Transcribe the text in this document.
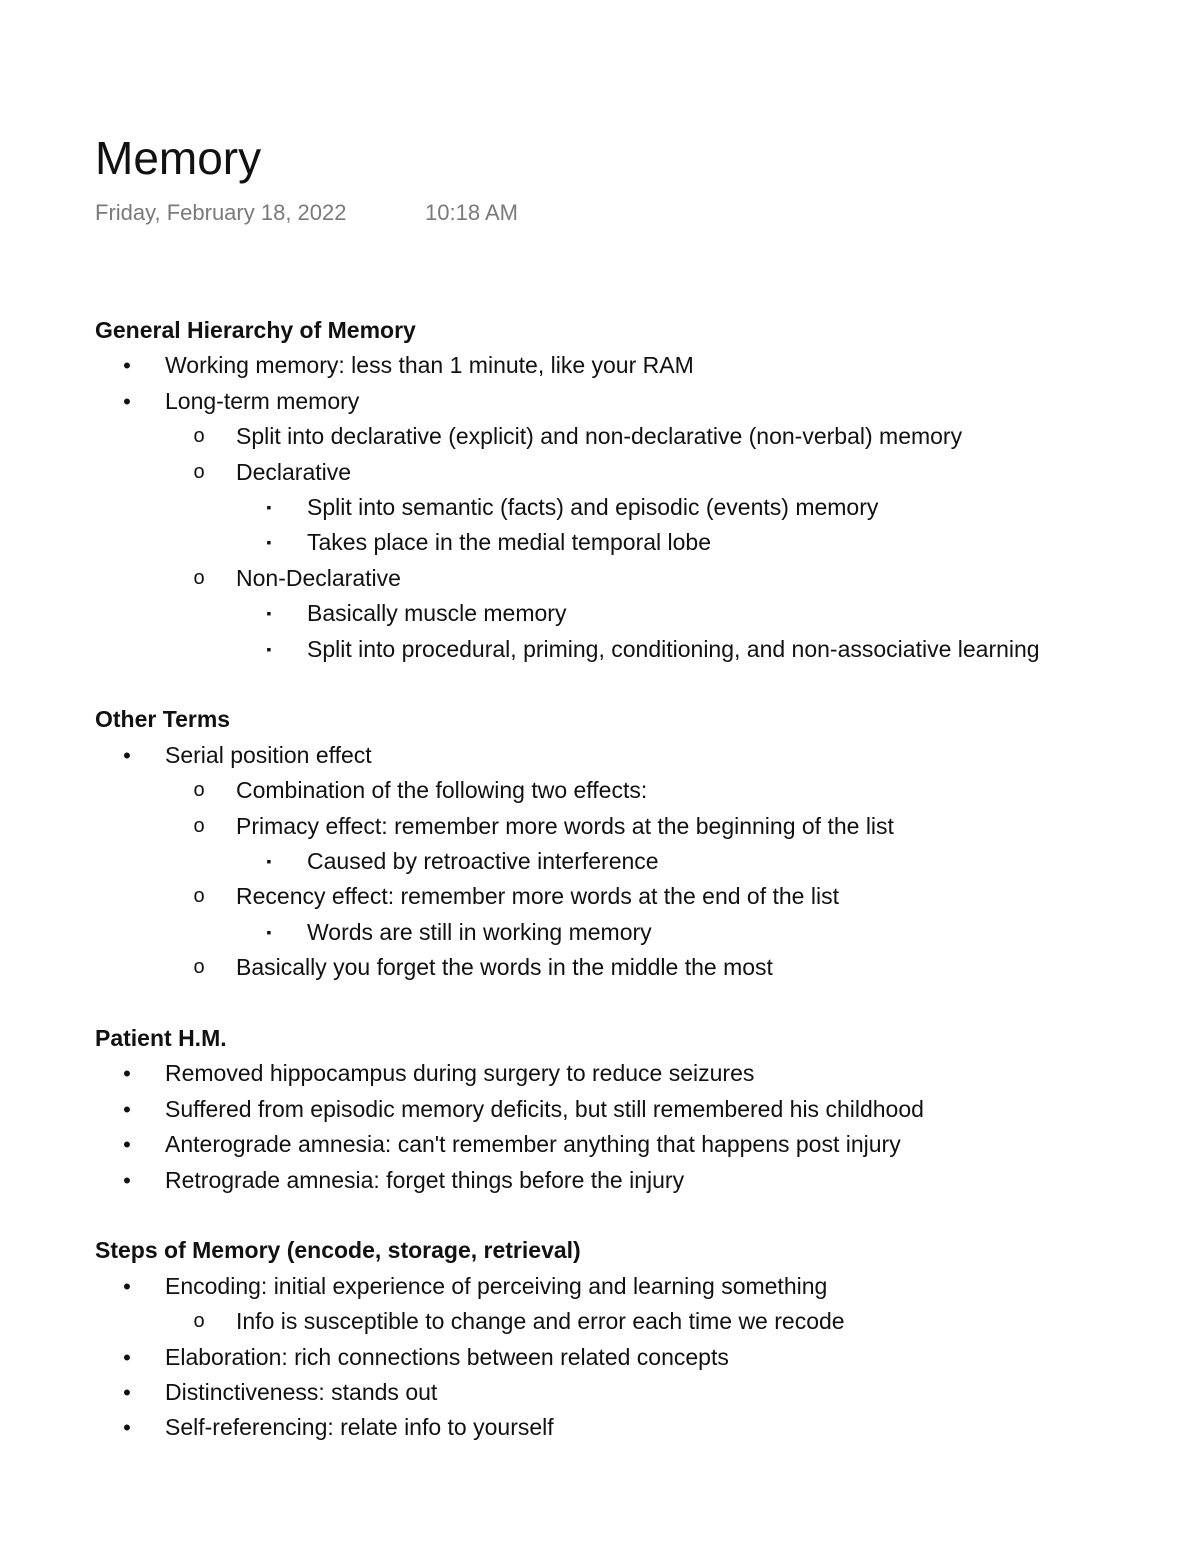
Memory
Friday, February 18, 2022	10:18 AM
General Hierarchy of Memory
• Working memory: less than 1 minute, like your RAM
• Long-term memory
o Split into declarative (explicit) and non-declarative (non-verbal) memory
o Declarative
▪	Split into semantic (facts) and episodic (events) memory
▪	Takes place in the medial temporal lobe
o Non-Declarative
▪	Basically muscle memory
▪	Split into procedural, priming, conditioning, and non-associative learning
Other Terms
• Serial position effect
o Combination of the following two effects:
o Primacy effect: remember more words at the beginning of the list
▪	Caused by retroactive interference
o Recency effect: remember more words at the end of the list
▪	Words are still in working memory
o Basically you forget the words in the middle the most
Patient H.M.
• Removed hippocampus during surgery to reduce seizures
• Suffered from episodic memory deficits, but still remembered his childhood
• Anterograde amnesia: can't remember anything that happens post injury
• Retrograde amnesia: forget things before the injury
Steps of Memory (encode, storage, retrieval)
• Encoding: initial experience of perceiving and learning something
o Info is susceptible to change and error each time we recode
• Elaboration: rich connections between related concepts
• Distinctiveness: stands out
• Self-referencing: relate info to yourself
